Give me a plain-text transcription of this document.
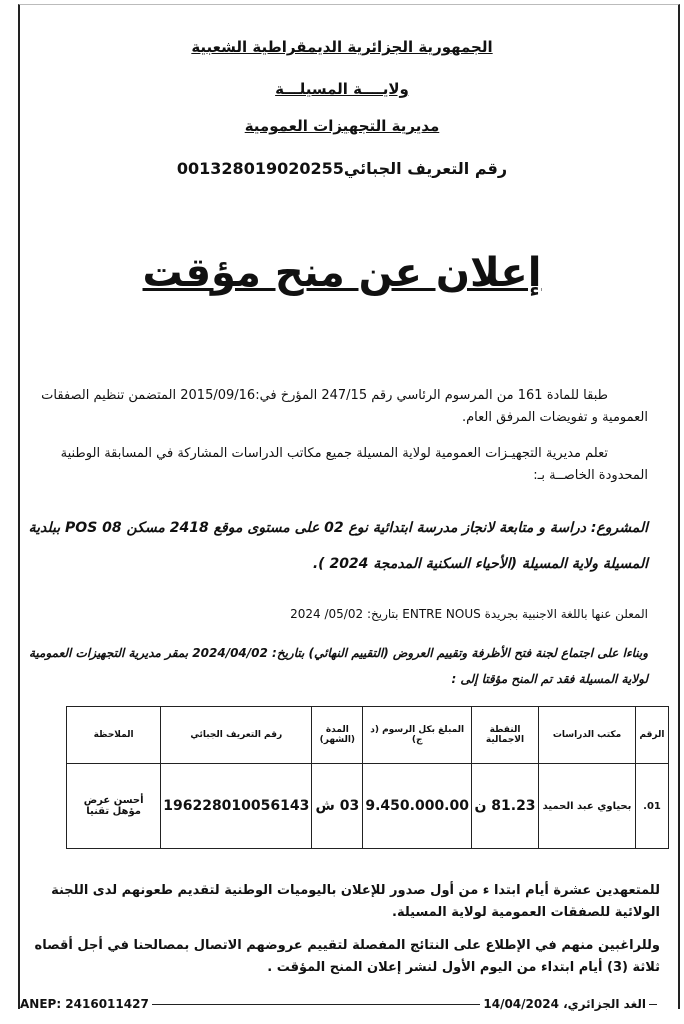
الجمهورية الجزائرية الديمقراطية الشعبية
ولايــــة المسيلـــة
مديرية التجهيزات العمومية
رقم التعريف الجبائي001328019020255
إعلان عن منح مؤقت
طبقا للمادة 161 من المرسوم الرئاسي رقم 247/15 المؤرخ في:2015/09/16 المتضمن تنظيم الصفقات العمومية و تفويضات المرفق العام.
تعلم مديرية التجهيـزات العمومية لولاية المسيلة جميع مكاتب الدراسات المشاركة في المسابقة الوطنية المحدودة الخاصــة بـ:
المشروع: دراسة و متابعة لانجاز مدرسة ابتدائية نوع 02 على مستوى موقع 2418 مسكن POS 08 ببلدية المسيلة ولاية المسيلة (الأحياء السكنية المدمجة 2024 ).
المعلن عنها باللغة الاجنبية بجريدة ENTRE NOUS بتاريخ: 05/02/ 2024
وبناءا على اجتماع لجنة فتح الأظرفة وتقييم العروض (التقييم النهائي) بتاريخ: 2024/04/02 بمقر مديرية التجهيزات العمومية لولاية المسيلة فقد تم المنح مؤقتا إلى :
الرقم	مكتب الدراسات	النقطة الاجمالية	المبلغ بكل الرسوم (د ج)	المدة (الشهر)	رقم التعريف الجبائي	الملاحظة
01.	بحياوي عبد الحميد	81.23 ن	9.450.000.00	03 ش	196228010056143	أحسن عرض مؤهل تقنيا
للمتعهدين عشرة أيام ابتدا ء من أول صدور للإعلان باليوميات الوطنية لتقديم طعونهم لدى اللجنة الولائية للصفقات العمومية لولاية المسيلة.
وللراغبين منهم في الإطلاع على النتائج المفصلة لتقييم عروضهم الاتصال بمصالحنا في أجل أقصاه ثلاثة (3) أيام ابتداء من اليوم الأول لنشر إعلان المنح المؤقت .
ANEP: 2416011427	الغد الجزائري، 14/04/2024
